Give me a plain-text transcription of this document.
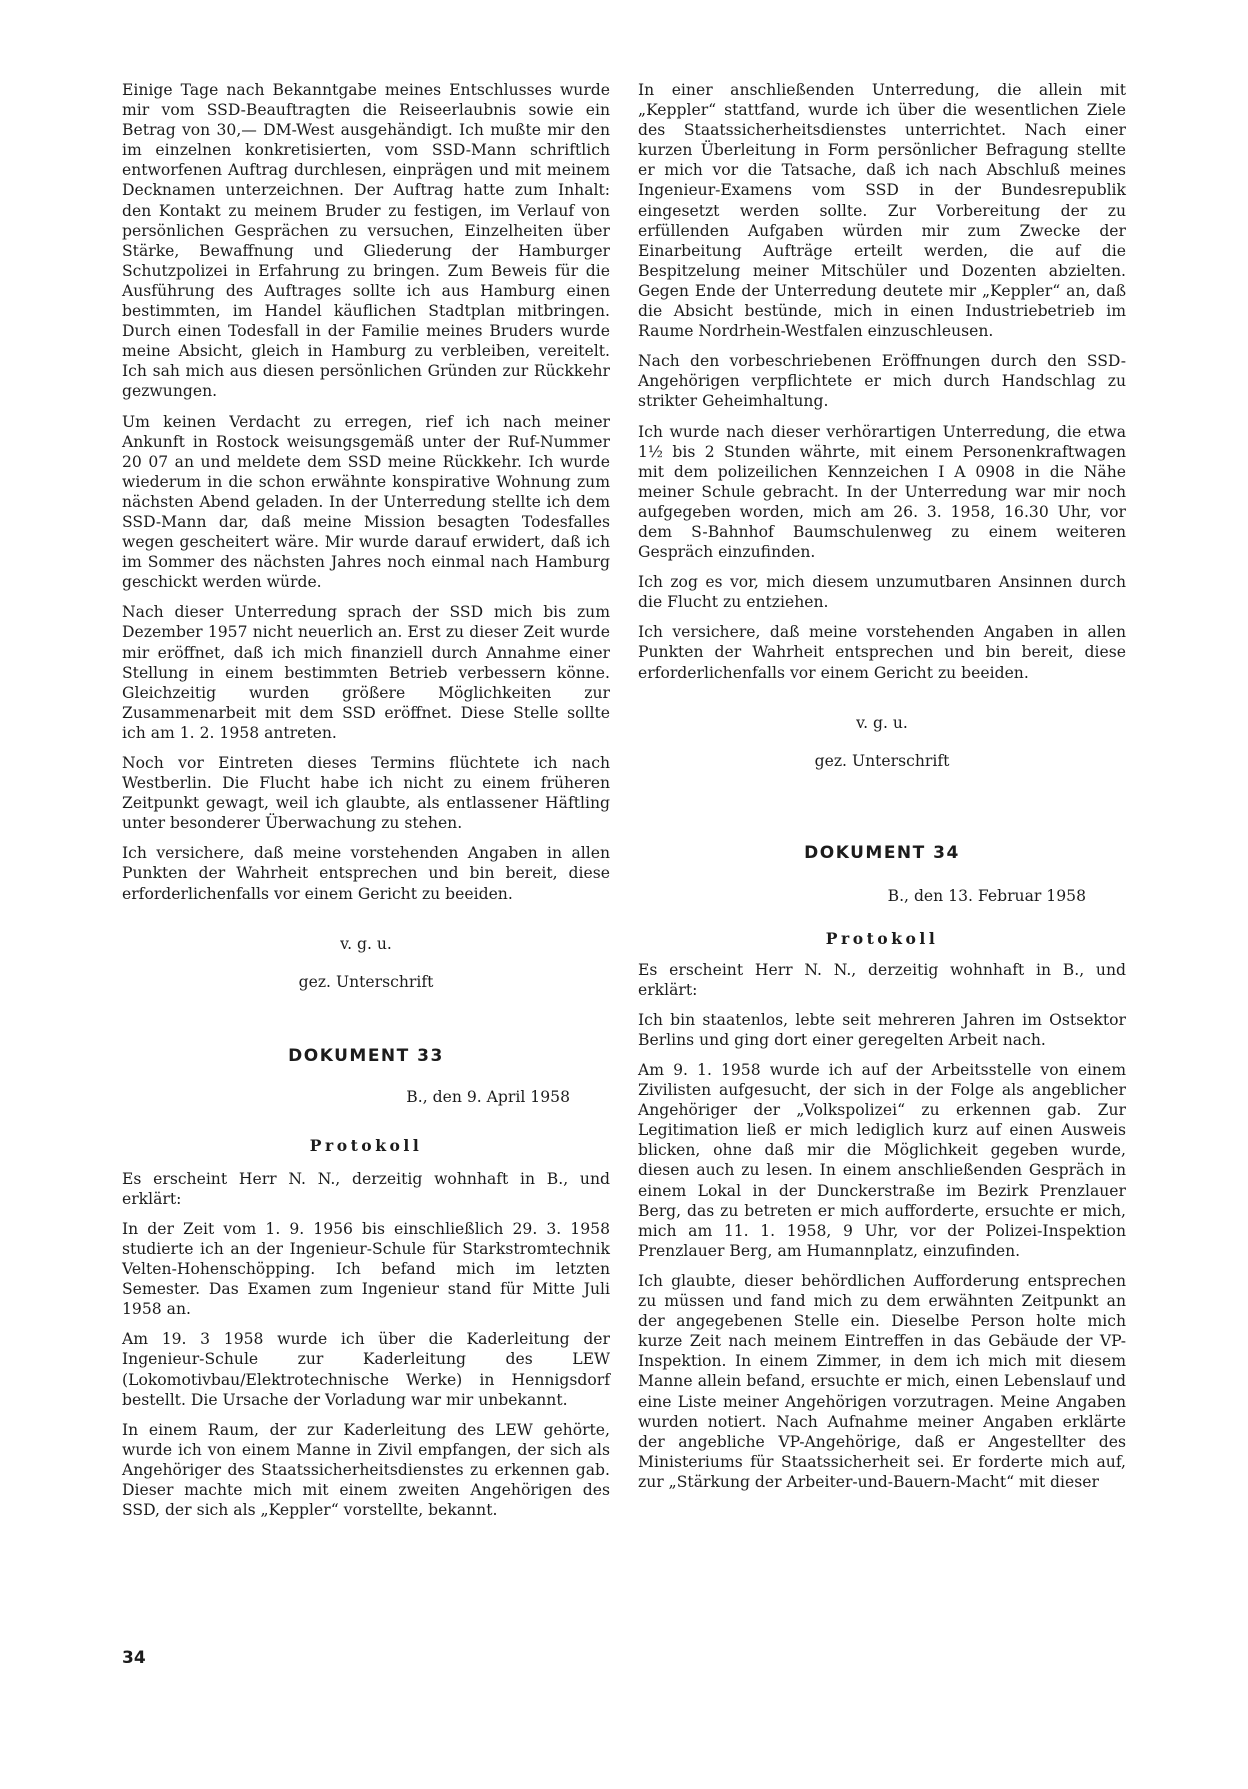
Einige Tage nach Bekanntgabe meines Entschlusses wurde mir vom SSD-Beauftragten die Reiseerlaubnis sowie ein Betrag von 30,— DM-West ausgehändigt. Ich mußte mir den im einzelnen konkretisierten, vom SSD-Mann schriftlich entworfenen Auftrag durchlesen, einprägen und mit meinem Decknamen unterzeichnen. Der Auftrag hatte zum Inhalt: den Kontakt zu meinem Bruder zu festigen, im Verlauf von persönlichen Gesprächen zu versuchen, Einzelheiten über Stärke, Bewaffnung und Gliederung der Hamburger Schutzpolizei in Erfahrung zu bringen. Zum Beweis für die Ausführung des Auftrages sollte ich aus Hamburg einen bestimmten, im Handel käuflichen Stadtplan mitbringen. Durch einen Todesfall in der Familie meines Bruders wurde meine Absicht, gleich in Hamburg zu verbleiben, vereitelt. Ich sah mich aus diesen persönlichen Gründen zur Rückkehr gezwungen.

Um keinen Verdacht zu erregen, rief ich nach meiner Ankunft in Rostock weisungsgemäß unter der Ruf-Nummer 20 07 an und meldete dem SSD meine Rückkehr. Ich wurde wiederum in die schon erwähnte konspirative Wohnung zum nächsten Abend geladen. In der Unterredung stellte ich dem SSD-Mann dar, daß meine Mission besagten Todesfalles wegen gescheitert wäre. Mir wurde darauf erwidert, daß ich im Sommer des nächsten Jahres noch einmal nach Hamburg geschickt werden würde.

Nach dieser Unterredung sprach der SSD mich bis zum Dezember 1957 nicht neuerlich an. Erst zu dieser Zeit wurde mir eröffnet, daß ich mich finanziell durch Annahme einer Stellung in einem bestimmten Betrieb verbessern könne. Gleichzeitig wurden größere Möglichkeiten zur Zusammenarbeit mit dem SSD eröffnet. Diese Stelle sollte ich am 1. 2. 1958 antreten.

Noch vor Eintreten dieses Termins flüchtete ich nach Westberlin. Die Flucht habe ich nicht zu einem früheren Zeitpunkt gewagt, weil ich glaubte, als entlassener Häftling unter besonderer Überwachung zu stehen.

Ich versichere, daß meine vorstehenden Angaben in allen Punkten der Wahrheit entsprechen und bin bereit, diese erforderlichenfalls vor einem Gericht zu beeiden.

v. g. u.
gez. Unterschrift
DOKUMENT 33
B., den 9. April 1958
Protokoll

Es erscheint Herr N. N., derzeitig wohnhaft in B., und erklärt:

In der Zeit vom 1. 9. 1956 bis einschließlich 29. 3. 1958 studierte ich an der Ingenieur-Schule für Starkstromtechnik Velten-Hohenschöpping. Ich befand mich im letzten Semester. Das Examen zum Ingenieur stand für Mitte Juli 1958 an.

Am 19. 3 1958 wurde ich über die Kaderleitung der Ingenieur-Schule zur Kaderleitung des LEW (Lokomotivbau/Elektrotechnische Werke) in Hennigsdorf bestellt. Die Ursache der Vorladung war mir unbekannt.

In einem Raum, der zur Kaderleitung des LEW gehörte, wurde ich von einem Manne in Zivil empfangen, der sich als Angehöriger des Staatssicherheitsdienstes zu erkennen gab. Dieser machte mich mit einem zweiten Angehörigen des SSD, der sich als „Keppler“ vorstellte, bekannt.

In einer anschließenden Unterredung, die allein mit „Keppler“ stattfand, wurde ich über die wesentlichen Ziele des Staatssicherheitsdienstes unterrichtet. Nach einer kurzen Überleitung in Form persönlicher Befragung stellte er mich vor die Tatsache, daß ich nach Abschluß meines Ingenieur-Examens vom SSD in der Bundesrepublik eingesetzt werden sollte. Zur Vorbereitung der zu erfüllenden Aufgaben würden mir zum Zwecke der Einarbeitung Aufträge erteilt werden, die auf die Bespitzelung meiner Mitschüler und Dozenten abzielten. Gegen Ende der Unterredung deutete mir „Keppler“ an, daß die Absicht bestünde, mich in einen Industriebetrieb im Raume Nordrhein-Westfalen einzuschleusen.

Nach den vorbeschriebenen Eröffnungen durch den SSD-Angehörigen verpflichtete er mich durch Handschlag zu strikter Geheimhaltung.

Ich wurde nach dieser verhörartigen Unterredung, die etwa 1½ bis 2 Stunden währte, mit einem Personenkraftwagen mit dem polizeilichen Kennzeichen I A 0908 in die Nähe meiner Schule gebracht. In der Unterredung war mir noch aufgegeben worden, mich am 26. 3. 1958, 16.30 Uhr, vor dem S-Bahnhof Baumschulenweg zu einem weiteren Gespräch einzufinden.

Ich zog es vor, mich diesem unzumutbaren Ansinnen durch die Flucht zu entziehen.

Ich versichere, daß meine vorstehenden Angaben in allen Punkten der Wahrheit entsprechen und bin bereit, diese erforderlichenfalls vor einem Gericht zu beeiden.

v. g. u.
gez. Unterschrift
DOKUMENT 34
B., den 13. Februar 1958
Protokoll

Es erscheint Herr N. N., derzeitig wohnhaft in B., und erklärt:

Ich bin staatenlos, lebte seit mehreren Jahren im Ostsektor Berlins und ging dort einer geregelten Arbeit nach.

Am 9. 1. 1958 wurde ich auf der Arbeitsstelle von einem Zivilisten aufgesucht, der sich in der Folge als angeblicher Angehöriger der „Volkspolizei“ zu erkennen gab. Zur Legitimation ließ er mich lediglich kurz auf einen Ausweis blicken, ohne daß mir die Möglichkeit gegeben wurde, diesen auch zu lesen. In einem anschließenden Gespräch in einem Lokal in der Dunckerstraße im Bezirk Prenzlauer Berg, das zu betreten er mich aufforderte, ersuchte er mich, mich am 11. 1. 1958, 9 Uhr, vor der Polizei-Inspektion Prenzlauer Berg, am Humannplatz, einzufinden.

Ich glaubte, dieser behördlichen Aufforderung entsprechen zu müssen und fand mich zu dem erwähnten Zeitpunkt an der angegebenen Stelle ein. Dieselbe Person holte mich kurze Zeit nach meinem Eintreffen in das Gebäude der VP-Inspektion. In einem Zimmer, in dem ich mich mit diesem Manne allein befand, ersuchte er mich, einen Lebenslauf und eine Liste meiner Angehörigen vorzutragen. Meine Angaben wurden notiert. Nach Aufnahme meiner Angaben erklärte der angebliche VP-Angehörige, daß er Angestellter des Ministeriums für Staatssicherheit sei. Er forderte mich auf, zur „Stärkung der Arbeiter-und-Bauern-Macht“ mit dieser

34
